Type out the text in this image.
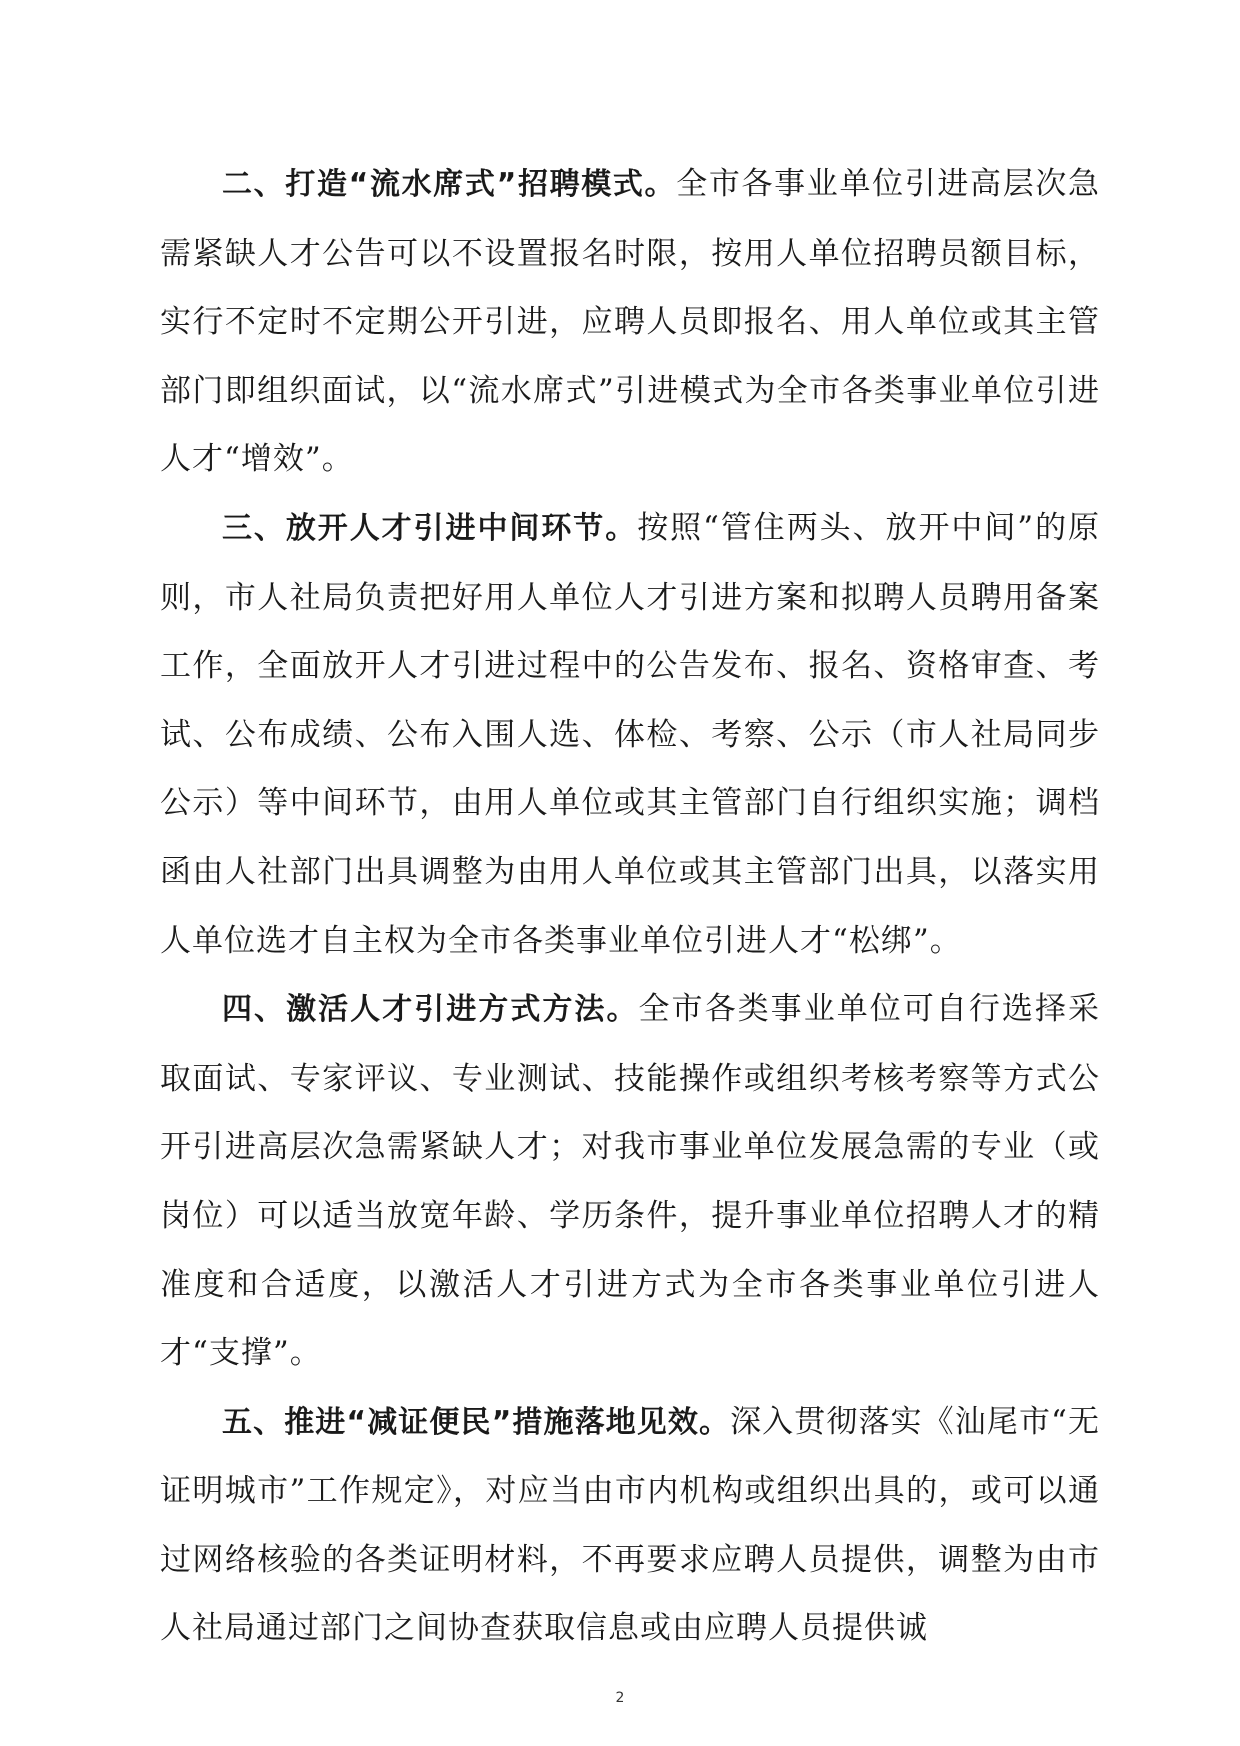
二、打造“流水席式”招聘模式。全市各事业单位引进高层次急需紧缺人才公告可以不设置报名时限，按用人单位招聘员额目标，实行不定时不定期公开引进，应聘人员即报名、用人单位或其主管部门即组织面试，以“流水席式”引进模式为全市各类事业单位引进人才“增效”。

三、放开人才引进中间环节。按照“管住两头、放开中间”的原则，市人社局负责把好用人单位人才引进方案和拟聘人员聘用备案工作，全面放开人才引进过程中的公告发布、报名、资格审查、考试、公布成绩、公布入围人选、体检、考察、公示（市人社局同步公示）等中间环节，由用人单位或其主管部门自行组织实施；调档函由人社部门出具调整为由用人单位或其主管部门出具，以落实用人单位选才自主权为全市各类事业单位引进人才“松绑”。

四、激活人才引进方式方法。全市各类事业单位可自行选择采取面试、专家评议、专业测试、技能操作或组织考核考察等方式公开引进高层次急需紧缺人才；对我市事业单位发展急需的专业（或岗位）可以适当放宽年龄、学历条件，提升事业单位招聘人才的精准度和合适度，以激活人才引进方式为全市各类事业单位引进人才“支撑”。

五、推进“减证便民”措施落地见效。深入贯彻落实《汕尾市“无证明城市”工作规定》，对应当由市内机构或组织出具的，或可以通过网络核验的各类证明材料，不再要求应聘人员提供，调整为由市人社局通过部门之间协查获取信息或由应聘人员提供诚

2
